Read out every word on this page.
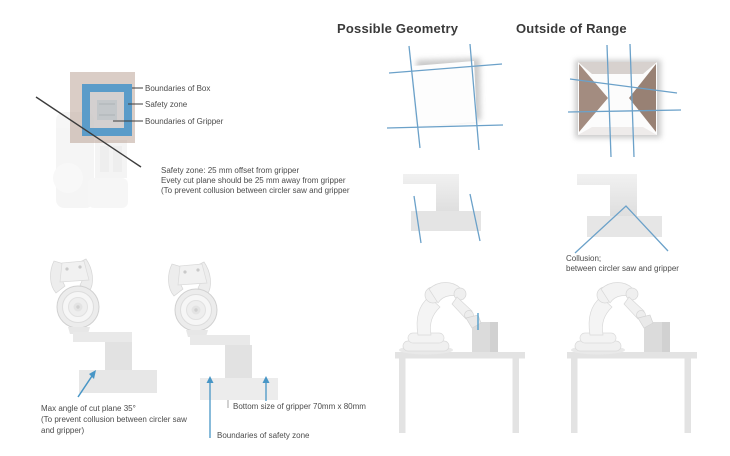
Possible Geometry	Outside of Range
Boundaries of Box
Safety zone
Boundaries of Gripper
Safety zone: 25 mm offset from gripper
Evety cut plane should be 25 mm away from gripper
(To prevent collusion between circler saw and gripper
Max angle of cut plane 35°
(To prevent collusion between circler saw
and gripper)
Collusion;
between circler saw and gripper
Bottom size of gripper 70mm x 80mm
Boundaries of safety zone
